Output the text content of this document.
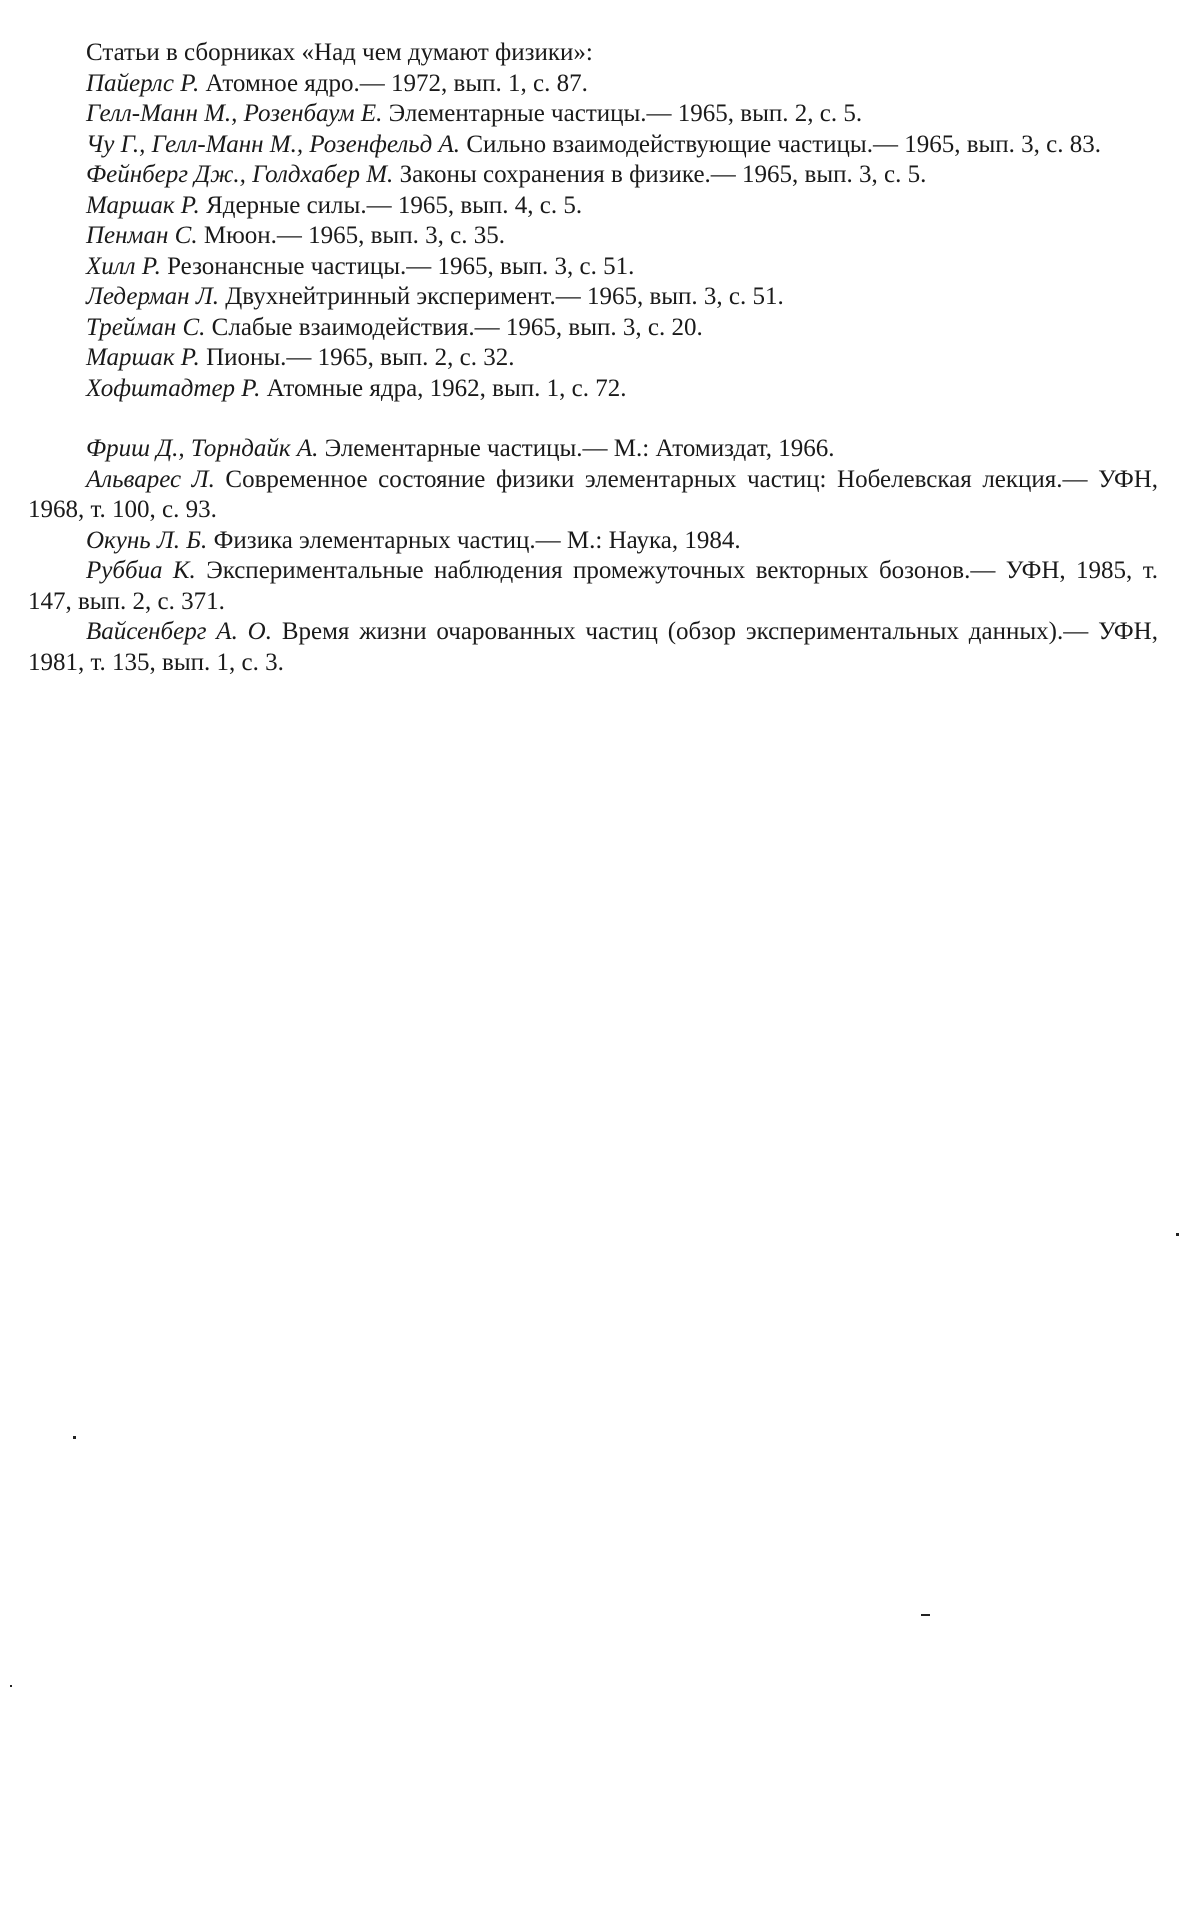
Статьи в сборниках «Над чем думают физики»:

Пайерлс Р. Атомное ядро.— 1972, вып. 1, с. 87.

Гелл-Манн М., Розенбаум Е. Элементарные частицы.— 1965, вып. 2, с. 5.

Чу Г., Гелл-Манн М., Розенфельд А. Сильно взаимодействующие частицы.— 1965, вып. 3, с. 83.

Фейнберг Дж., Голдхабер М. Законы сохранения в физике.— 1965, вып. 3, с. 5.

Маршак Р. Ядерные силы.— 1965, вып. 4, с. 5.

Пенман С. Мюон.— 1965, вып. 3, с. 35.

Хилл Р. Резонансные частицы.— 1965, вып. 3, с. 51.

Ледерман Л. Двухнейтринный эксперимент.— 1965, вып. 3, с. 51.

Трейман С. Слабые взаимодействия.— 1965, вып. 3, с. 20.

Маршак Р. Пионы.— 1965, вып. 2, с. 32.

Хофштадтер Р. Атомные ядра, 1962, вып. 1, с. 72.

Фриш Д., Торндайк А. Элементарные частицы.— М.: Атомиздат, 1966.

Альварес Л. Современное состояние физики элементарных частиц: Нобелевская лекция.— УФН, 1968, т. 100, с. 93.

Окунь Л. Б. Физика элементарных частиц.— М.: Наука, 1984.

Руббиа К. Экспериментальные наблюдения промежуточных векторных бозонов.— УФН, 1985, т. 147, вып. 2, с. 371.

Вайсенберг А. О. Время жизни очарованных частиц (обзор экспериментальных данных).— УФН, 1981, т. 135, вып. 1, с. 3.
